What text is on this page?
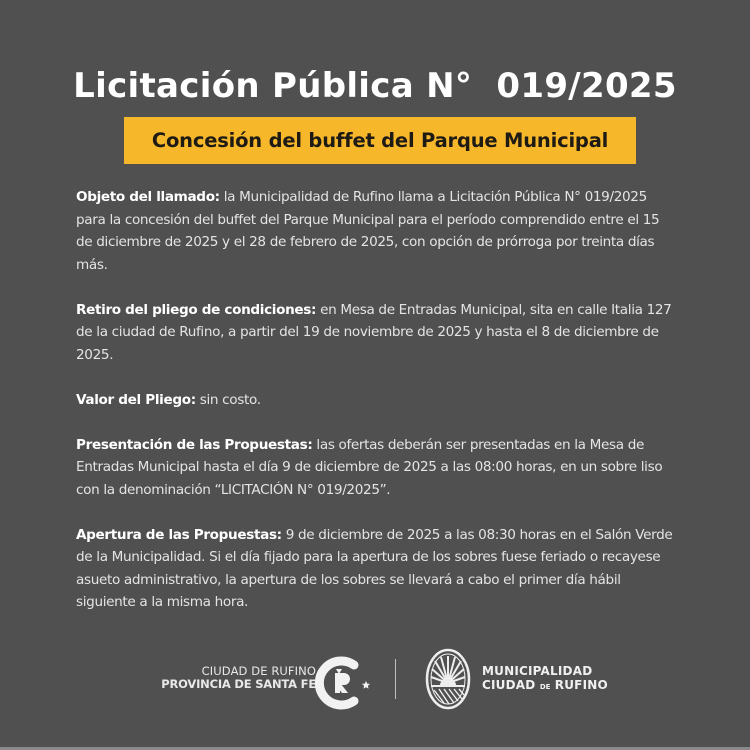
Licitación Pública N°  019/2025
Concesión del buffet del Parque Municipal

Objeto del llamado: la Municipalidad de Rufino llama a Licitación Pública N° 019/2025 para la concesión del buffet del Parque Municipal para el período comprendido entre el 15 de diciembre de 2025 y el 28 de febrero de 2025, con opción de prórroga por treinta días más.

Retiro del pliego de condiciones: en Mesa de Entradas Municipal, sita en calle Italia 127 de la ciudad de Rufino, a partir del 19 de noviembre de 2025 y hasta el 8 de diciembre de 2025.

Valor del Pliego: sin costo.

Presentación de las Propuestas: las ofertas deberán ser presentadas en la Mesa de Entradas Municipal hasta el día 9 de diciembre de 2025 a las 08:00 horas, en un sobre liso con la denominación “LICITACIÓN N° 019/2025”.

Apertura de las Propuestas: 9 de diciembre de 2025 a las 08:30 horas en el Salón Verde de la Municipalidad. Si el día fijado para la apertura de los sobres fuese feriado o recayese asueto administrativo, la apertura de los sobres se llevará a cabo el primer día hábil siguiente a la misma hora.

CIUDAD DE RUFINO
PROVINCIA DE SANTA FE
MUNICIPALIDAD
CIUDAD DE RUFINO
